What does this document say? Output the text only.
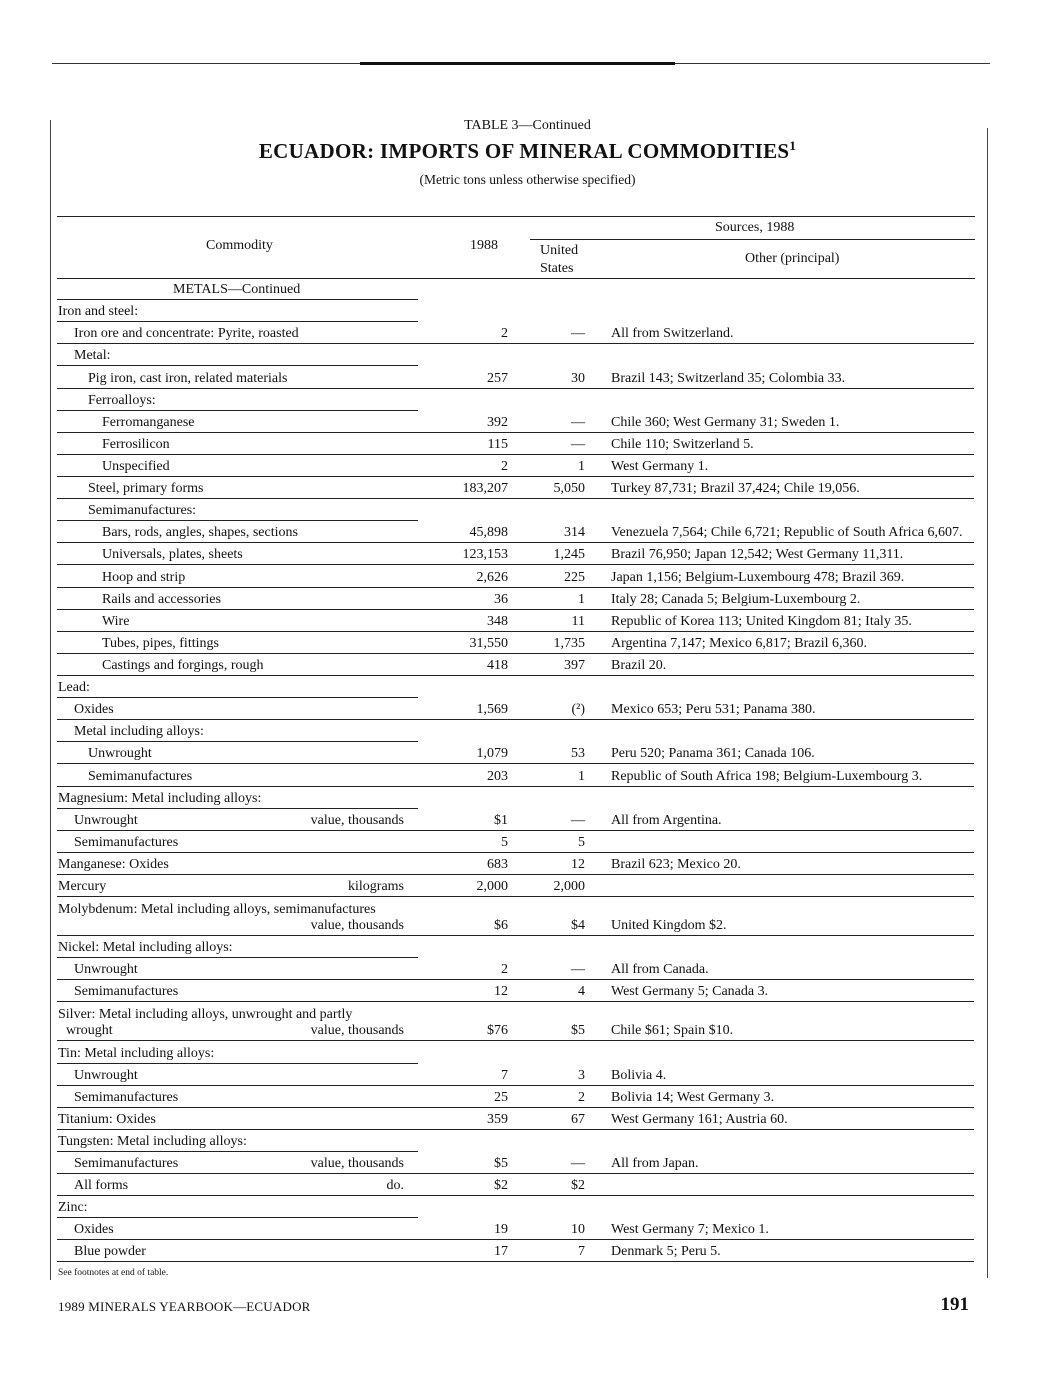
TABLE 3—Continued
ECUADOR: IMPORTS OF MINERAL COMMODITIES$^1$
(Metric tons unless otherwise specified)
Commodity	1988
Sources, 1988
United States
Other (principal)
METALS—Continued
Iron and steel:
Iron ore and concentrate: Pyrite, roasted	2	— All from Switzerland.
Metal:
Pig iron, cast iron, related materials	257	30 Brazil 143; Switzerland 35; Colombia 33.
Ferroalloys:
Ferromanganese	392	— Chile 360; West Germany 31; Sweden 1.
Ferrosilicon	115	— Chile 110; Switzerland 5.
Unspecified	2	1 West Germany 1.
Steel, primary forms	183,207	5,050 Turkey 87,731; Brazil 37,424; Chile 19,056.
Semimanufactures:
Bars, rods, angles, shapes, sections	45,898	314 Venezuela 7,564; Chile 6,721; Republic of South Africa 6,607.
Universals, plates, sheets	123,153	1,245 Brazil 76,950; Japan 12,542; West Germany 11,311.
Hoop and strip	2,626	225 Japan 1,156; Belgium-Luxembourg 478; Brazil 369.
Rails and accessories	36	1 Italy 28; Canada 5; Belgium-Luxembourg 2.
Wire	348	11 Republic of Korea 113; United Kingdom 81; Italy 35.
Tubes, pipes, fittings	31,550	1,735 Argentina 7,147; Mexico 6,817; Brazil 6,360.
Castings and forgings, rough	418	397 Brazil 20.
Lead:
Oxides	1,569	(²) Mexico 653; Peru 531; Panama 380.
Metal including alloys:
Unwrought	1,079	53 Peru 520; Panama 361; Canada 106.
Semimanufactures	203	1 Republic of South Africa 198; Belgium-Luxembourg 3.
Magnesium: Metal including alloys:
Unwrought	value, thousands	$1	— All from Argentina.
Semimanufactures	5	5
Manganese: Oxides	683	12 Brazil 623; Mexico 20.
Mercury	kilograms	2,000	2,000
Molybdenum: Metal including alloys, semimanufactures
value, thousands	$6	$4 United Kingdom $2.
Nickel: Metal including alloys:
Unwrought	2	— All from Canada.
Semimanufactures	12	4 West Germany 5; Canada 3.
Silver: Metal including alloys, unwrought and partly
wrought	value, thousands	$76	$5 Chile $61; Spain $10.
Tin: Metal including alloys:
Unwrought	7	3 Bolivia 4.
Semimanufactures	25	2 Bolivia 14; West Germany 3.
Titanium: Oxides	359	67 West Germany 161; Austria 60.
Tungsten: Metal including alloys:
Semimanufactures	value, thousands	$5	— All from Japan.
All forms	do.	$2	$2
Zinc:
Oxides	19	10 West Germany 7; Mexico 1.
Blue powder	17	7 Denmark 5; Peru 5.
See footnotes at end of table.
1989 MINERALS YEARBOOK—ECUADOR	191
